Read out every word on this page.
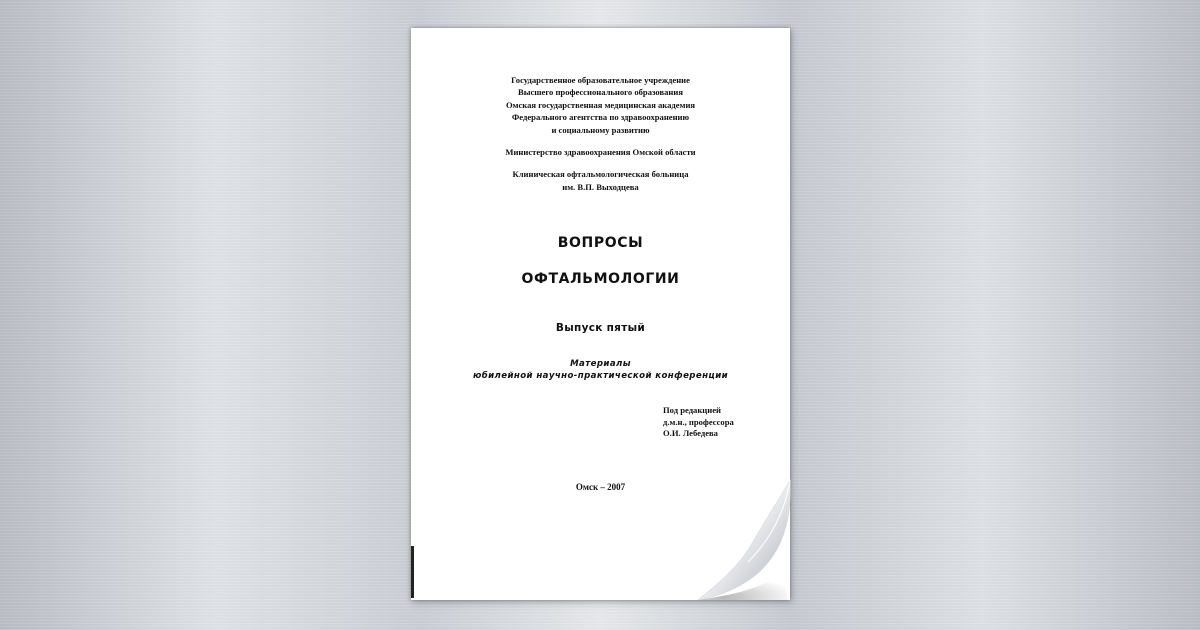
Государственное образовательное учреждение
Высшего профессионального образования
Омская государственная медицинская академия
Федерального агентства по здравоохранению
и социальному развитию
Министерство здравоохранения Омской области
Клиническая офтальмологическая больница
им. В.П. Выходцева
ВОПРОСЫ
ОФТАЛЬМОЛОГИИ
Выпуск пятый
Материалы
юбилейной научно-практической конференции
Под редакцией
д.м.н., профессора
О.И. Лебедева
Омск – 2007
